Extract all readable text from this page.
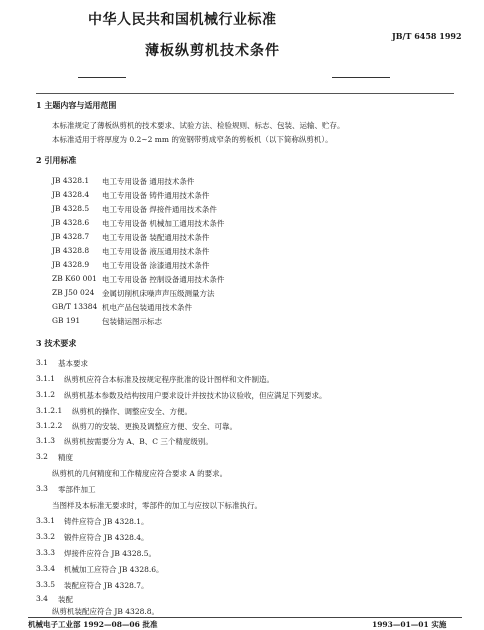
中华人民共和国机械行业标准
JB/T 6458 1992
薄板纵剪机技术条件
1 主题内容与适用范围
本标准规定了薄板纵剪机的技术要求、试验方法、检验规则、标志、包装、运输、贮存。
本标准适用于将厚度为 0.2~2 mm 的宽钢带剪成窄条的剪板机（以下简称纵剪机）。
2 引用标准
JB 4328.1 电工专用设备 通用技术条件
JB 4328.4 电工专用设备 铸件通用技术条件
JB 4328.5 电工专用设备 焊接件通用技术条件
JB 4328.6 电工专用设备 机械加工通用技术条件
JB 4328.7 电工专用设备 装配通用技术条件
JB 4328.8 电工专用设备 液压通用技术条件
JB 4328.9 电工专用设备 涂漆通用技术条件
ZB K60 001 电工专用设备 控制设备通用技术条件
ZB J50 024 金属切削机床噪声声压级测量方法
GB/T 13384 机电产品包装通用技术条件
GB 191	包装储运图示标志
3 技术要求
3.1 基本要求
3.1.1 纵剪机应符合本标准及按规定程序批准的设计图样和文件制造。
3.1.2 纵剪机基本参数及结构按用户要求设计并按技术协议验收，但应满足下列要求。
3.1.2.1 纵剪机的操作、调整应安全、方便。
3.1.2.2 纵剪刀的安装、更换及调整应方便、安全、可靠。
3.1.3 纵剪机按需要分为 A、B、C 三个精度级别。
3.2 精度
纵剪机的几何精度和工作精度应符合要求 A 的要求。
3.3 零部件加工
当图样及本标准无要求时，零部件的加工与应按以下标准执行。
3.3.1 铸件应符合 JB 4328.1。
3.3.2 锻件应符合 JB 4328.4。
3.3.3 焊接件应符合 JB 4328.5。
3.3.4 机械加工应符合 JB 4328.6。
3.3.5 装配应符合 JB 4328.7。
3.4 装配
纵剪机装配应符合 JB 4328.8。
机械电子工业部 1992—08—06 批准	1993—01—01 实施
